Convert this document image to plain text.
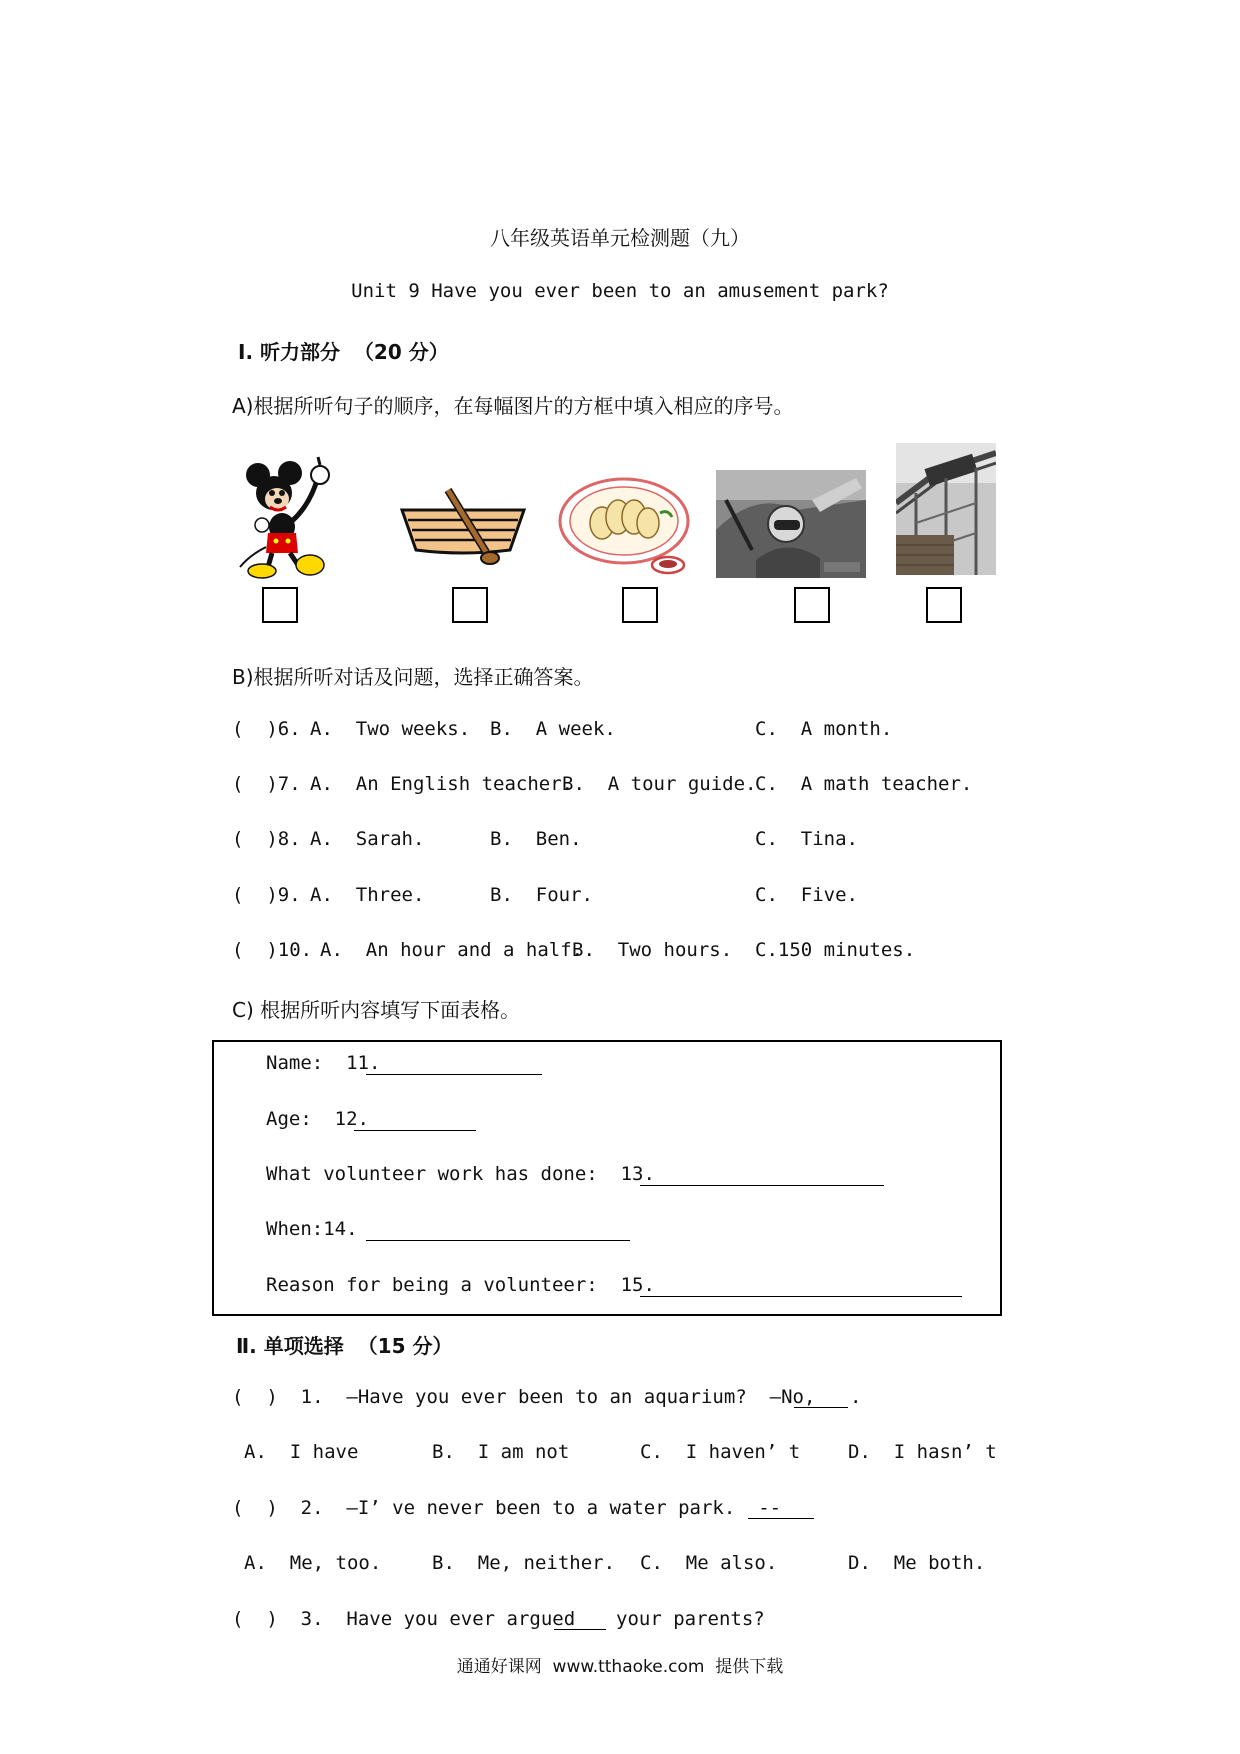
八年级英语单元检测题（九）
Unit 9 Have you ever been to an amusement park?
Ⅰ. 听力部分  （20 分）
A)根据所听句子的顺序，在每幅图片的方框中填入相应的序号。
B)根据所听对话及问题，选择正确答案。
(  )6. A.  Two weeks. B.  A week.	C.  A month.
(  )7. A.  An English teacher.
B.  A tour guide.
C.  A math teacher.
(  )8. A.  Sarah.	B.  Ben.	C.  Tina.
(  )9. A.  Three.	B.  Four.	C.  Five.
(  )10. A.  An hour and a half.
B.  Two hours. C.150 minutes.
C) 根据所听内容填写下面表格。
Name:  11.
Age:  12.
What volunteer work has done:  13.
When:14.
Reason for being a volunteer:  15.
Ⅱ. 单项选择  （15 分）
(  )  1.  –Have you ever been to an aquarium?  –No, .
A.  I have	B.  I am not	C.  I haven’ t	D.  I hasn’ t
(  )  2.  –I’ ve never been to a water park.  --
A.  Me, too.	B.  Me, neither. C.  Me also.	D.  Me both.
(  )  3.  Have you ever argued your parents?
通通好课网  www.tthaoke.com  提供下载
